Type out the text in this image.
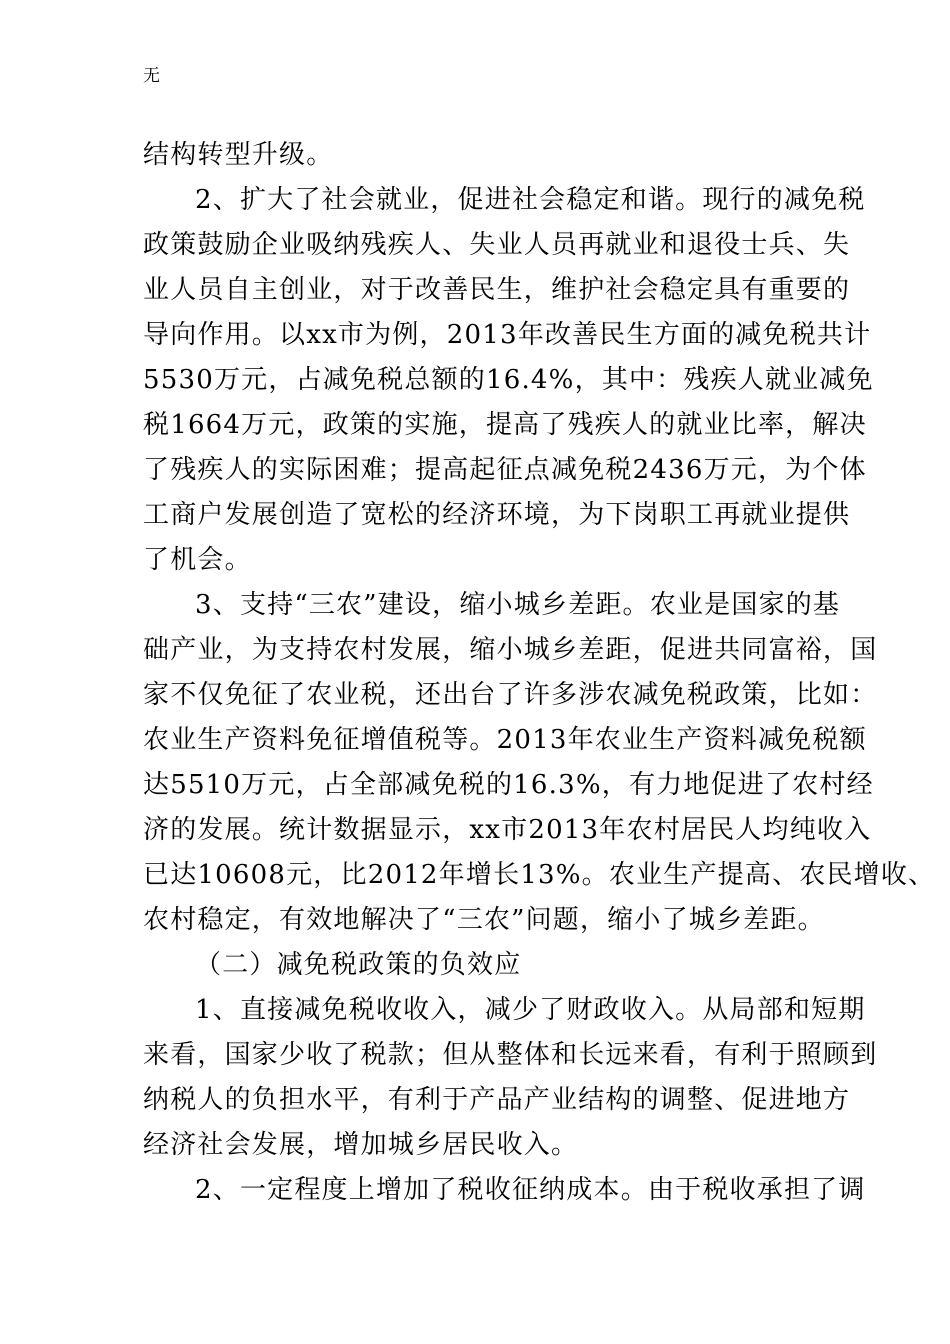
无
结构转型升级。
2、扩大了社会就业，促进社会稳定和谐。现行的减免税
政策鼓励企业吸纳残疾人、失业人员再就业和退役士兵、失
业人员自主创业，对于改善民生，维护社会稳定具有重要的
导向作用。以xx市为例，2013年改善民生方面的减免税共计
5530万元，占减免税总额的16.4%，其中：残疾人就业减免
税1664万元，政策的实施，提高了残疾人的就业比率，解决
了残疾人的实际困难；提高起征点减免税2436万元，为个体
工商户发展创造了宽松的经济环境，为下岗职工再就业提供
了机会。
3、支持“三农”建设，缩小城乡差距。农业是国家的基
础产业，为支持农村发展，缩小城乡差距，促进共同富裕，国
家不仅免征了农业税，还出台了许多涉农减免税政策，比如：
农业生产资料免征增值税等。2013年农业生产资料减免税额
达5510万元，占全部减免税的16.3%，有力地促进了农村经
济的发展。统计数据显示，xx市2013年农村居民人均纯收入
已达10608元，比2012年增长13%。农业生产提高、农民增收、
农村稳定，有效地解决了“三农”问题，缩小了城乡差距。
（二）减免税政策的负效应
1、直接减免税收收入，减少了财政收入。从局部和短期
来看，国家少收了税款；但从整体和长远来看，有利于照顾到
纳税人的负担水平，有利于产品产业结构的调整、促进地方
经济社会发展，增加城乡居民收入。
2、一定程度上增加了税收征纳成本。由于税收承担了调
